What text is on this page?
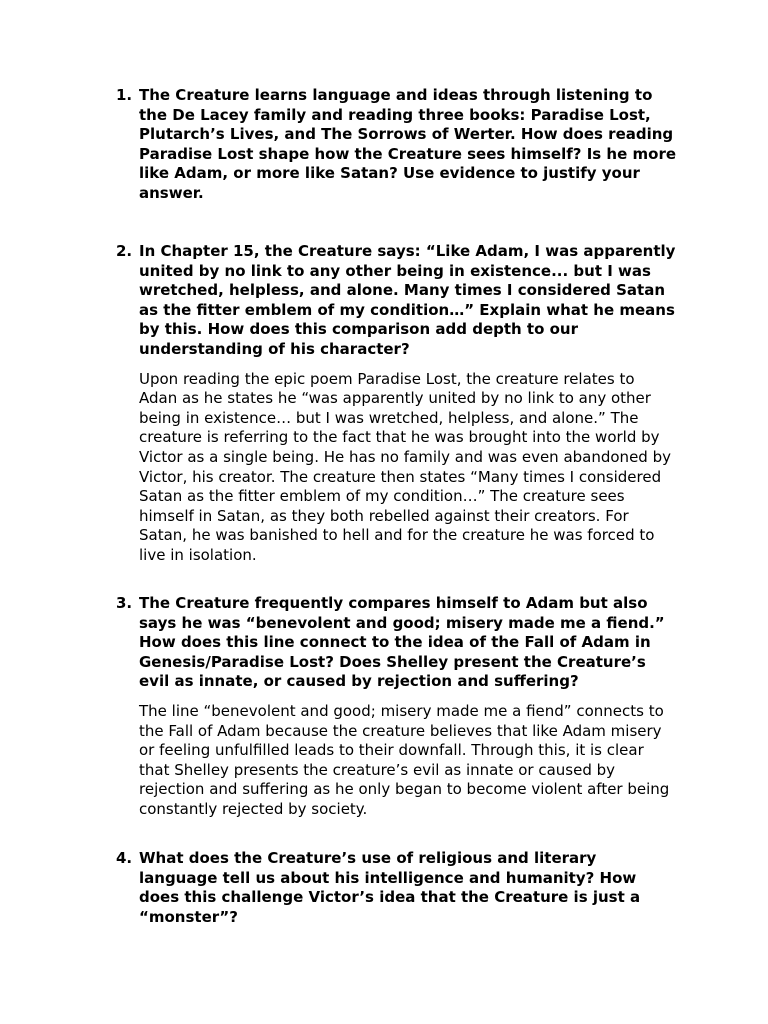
1. The Creature learns language and ideas through listening to the De Lacey family and reading three books: Paradise Lost, Plutarch’s Lives, and The Sorrows of Werter. How does reading Paradise Lost shape how the Creature sees himself? Is he more like Adam, or more like Satan? Use evidence to justify your answer.
2. In Chapter 15, the Creature says: “Like Adam, I was apparently united by no link to any other being in existence... but I was wretched, helpless, and alone. Many times I considered Satan as the fitter emblem of my condition…” Explain what he means by this. How does this comparison add depth to our understanding of his character?
Upon reading the epic poem Paradise Lost, the creature relates to Adan as he states he “was apparently united by no link to any other being in existence… but I was wretched, helpless, and alone.” The creature is referring to the fact that he was brought into the world by Victor as a single being. He has no family and was even abandoned by Victor, his creator. The creature then states “Many times I considered Satan as the fitter emblem of my condition…” The creature sees himself in Satan, as they both rebelled against their creators. For Satan, he was banished to hell and for the creature he was forced to live in isolation.
3. The Creature frequently compares himself to Adam but also says he was “benevolent and good; misery made me a fiend.” How does this line connect to the idea of the Fall of Adam in Genesis/Paradise Lost? Does Shelley present the Creature’s evil as innate, or caused by rejection and suffering?
The line “benevolent and good; misery made me a fiend” connects to the Fall of Adam because the creature believes that like Adam misery or feeling unfulfilled leads to their downfall. Through this, it is clear that Shelley presents the creature’s evil as innate or caused by rejection and suffering as he only began to become violent after being constantly rejected by society.
4. What does the Creature’s use of religious and literary language tell us about his intelligence and humanity? How does this challenge Victor’s idea that the Creature is just a “monster”?
